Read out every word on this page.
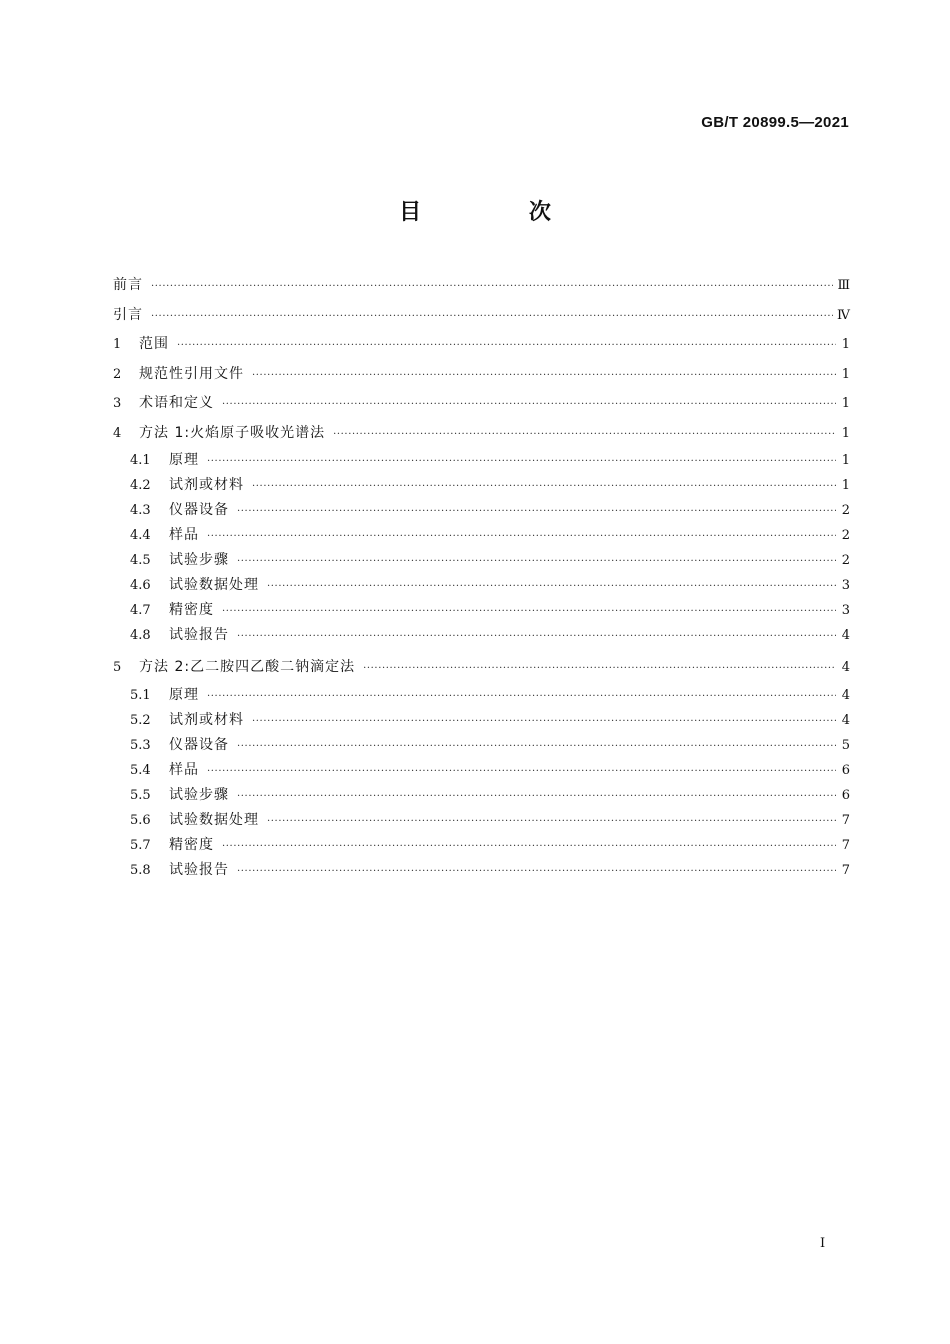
GB/T 20899.5—2021
目 次
前言 ·····	Ⅲ
引言 ·····	Ⅳ
1	范围 ·····	1
2	规范性引用文件 ·····	1
3	术语和定义 ·····	1
4	方法 1:火焰原子吸收光谱法 ·····	1
4.1	原理 ·····	1
4.2	试剂或材料 ·····	1
4.3	仪器设备 ·····	2
4.4	样品 ·····	2
4.5	试验步骤 ·····	2
4.6	试验数据处理 ·····	3
4.7	精密度 ·····	3
4.8	试验报告 ·····	4
5	方法 2:乙二胺四乙酸二钠滴定法 ·····	4
5.1	原理 ·····	4
5.2	试剂或材料 ·····	4
5.3	仪器设备 ·····	5
5.4	样品 ·····	6
5.5	试验步骤 ·····	6
5.6	试验数据处理 ·····	7
5.7	精密度 ·····	7
5.8	试验报告 ·····	7
I
